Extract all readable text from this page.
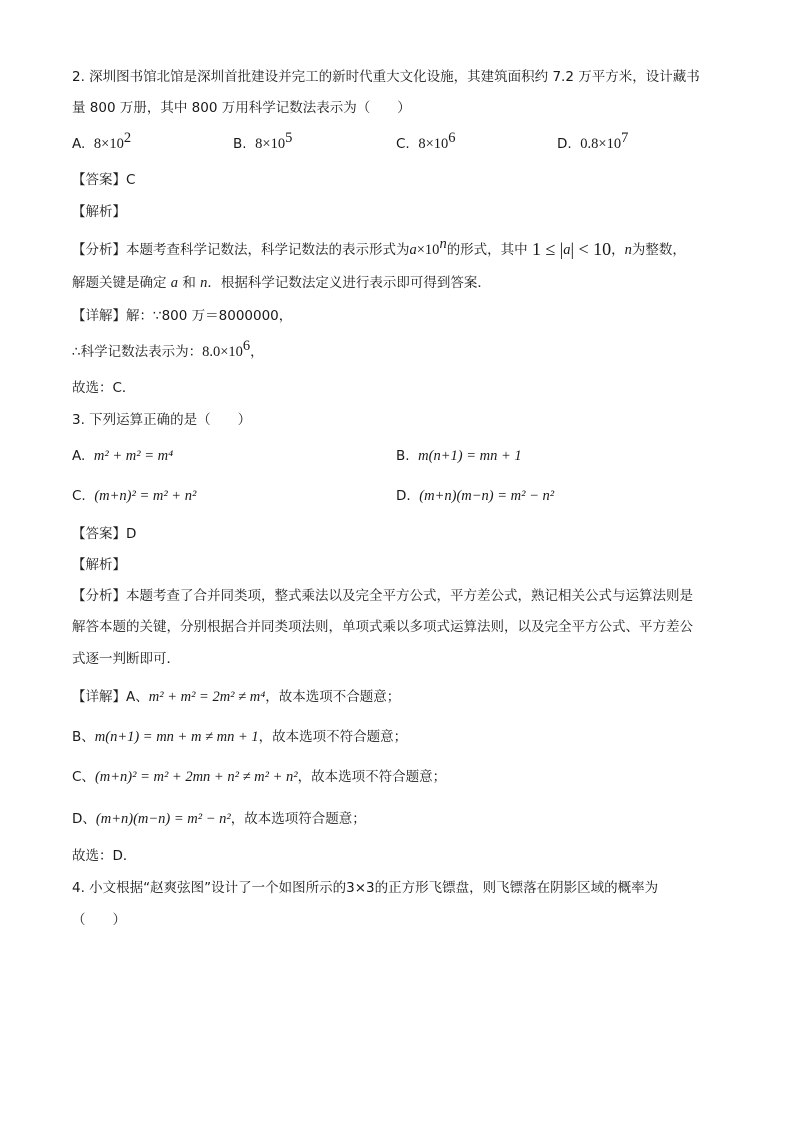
2. 深圳图书馆北馆是深圳首批建设并完工的新时代重大文化设施，其建筑面积约 7.2 万平方米，设计藏书
量 800 万册，其中 800 万用科学记数法表示为（　　）
A. $8\times 10^2$	B. $8\times 10^5$	C. $8\times 10^6$	D. $0.8\times 10^7$
【答案】C
【解析】
【分析】本题考查科学记数法，科学记数法的表示形式为$a\times 10^n$的形式，其中 1 ≤ |a| < 10，n为整数，
解题关键是确定 a 和 n．根据科学记数法定义进行表示即可得到答案．
【详解】解：∵800 万＝8000000，
∴科学记数法表示为：$8.0\times 10^6$，
故选：C．
3. 下列运算正确的是（　　）
A. m² + m² = m⁴	B. m(n+1) = mn + 1
C. (m+n)² = m² + n²	D. (m+n)(m−n) = m² − n²
【答案】D
【解析】
【分析】本题考查了合并同类项，整式乘法以及完全平方公式，平方差公式，熟记相关公式与运算法则是
解答本题的关键，分别根据合并同类项法则，单项式乘以多项式运算法则，以及完全平方公式、平方差公
式逐一判断即可．
【详解】A、m² + m² = 2m² ≠ m⁴，故本选项不合题意；
B、m(n+1) = mn + m ≠ mn + 1，故本选项不符合题意；
C、(m+n)² = m² + 2mn + n² ≠ m² + n²，故本选项不符合题意；
D、(m+n)(m−n) = m² − n²，故本选项符合题意；
故选：D．
4. 小文根据“赵爽弦图”设计了一个如图所示的3×3的正方形飞镖盘，则飞镖落在阴影区域的概率为
（　　）
